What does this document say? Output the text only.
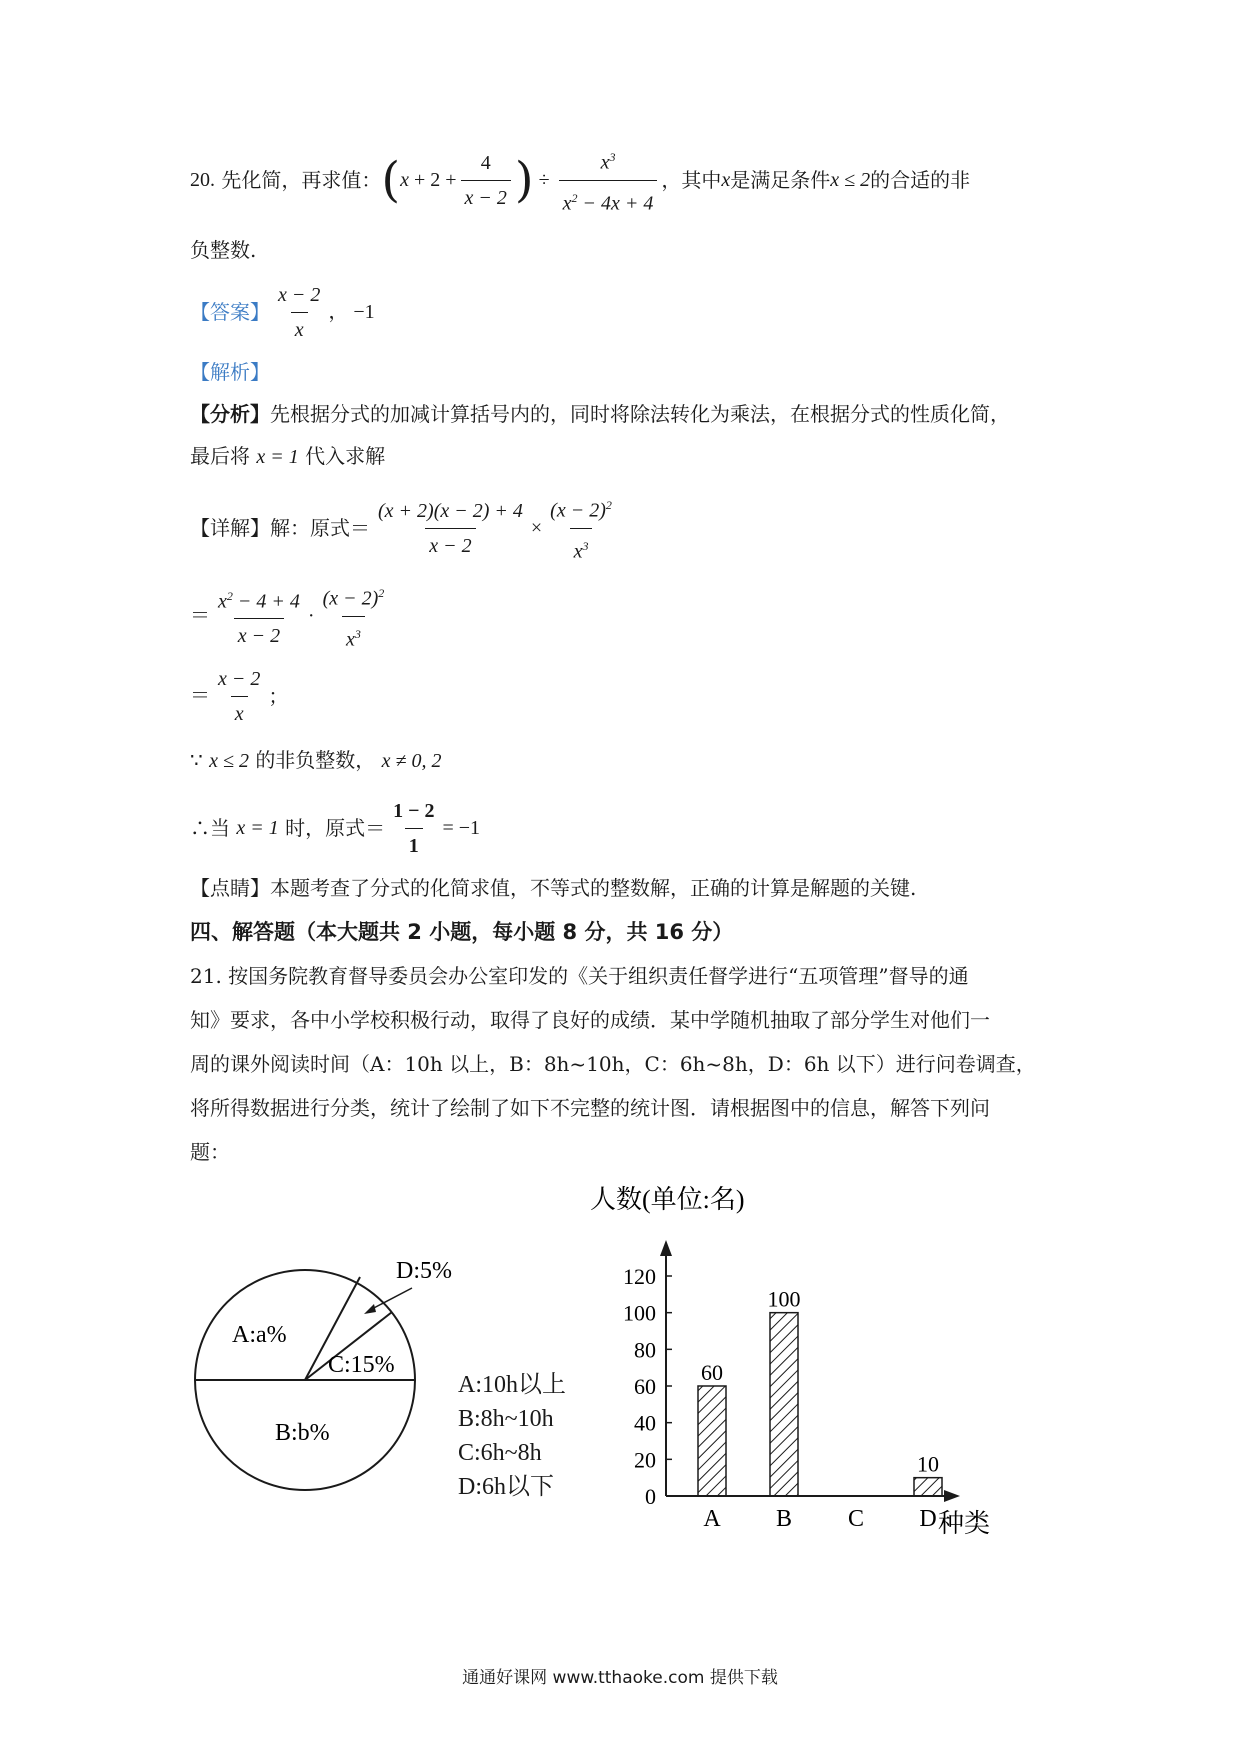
20.
先化简，再求值： ( $x + 2 + \frac{4}{x - 2}$ ) ÷ $\frac{x^3}{x^2 - 4x + 4}$ ，其中 x 是满足条件 x ≤ 2 的合适的非
负整数.
【答案】 $\frac{x - 2}{x}$ ， −1
【解析】
【分析】先根据分式的加减计算括号内的，同时将除法转化为乘法，在根据分式的性质化简，
最后将 x = 1 代入求解
【详解】 解：原式＝ $\frac{(x + 2)(x - 2) + 4}{x - 2} \times \frac{(x - 2)^2}{x^3}$
＝ $\frac{x^2 - 4 + 4}{x - 2} \cdot \frac{(x - 2)^2}{x^3}$
＝ $\frac{x - 2}{x}$ ；
∵ x ≤ 2 的非负整数， x ≠ 0, 2
∴当
x = 1
时，原式＝ $\frac{1 - 2}{1} = -1$
【点睛】本题考查了分式的化简求值，不等式的整数解，正确的计算是解题的关键.
四、解答题（本大题共 2 小题，每小题 8 分，共 16 分）
21. 按国务院教育督导委员会办公室印发的《关于组织责任督学进行“五项管理”督导的通
知》要求，各中小学校积极行动，取得了良好的成绩．某中学随机抽取了部分学生对他们一
周的课外阅读时间（A：10h 以上，B：8h~10h，C：6h~8h，D：6h 以下）进行问卷调查，
将所得数据进行分类，统计了绘制了如下不完整的统计图．请根据图中的信息，解答下列问
题：
A:a%
B:b%
C:15%
D:5%
A:10h以上
B:8h~10h
C:6h~8h
D:6h以下
人数(单位:名)
种类
0
20
40
60
80
100
120
60
A
100
B C
10
D
通通好课网 www.tthaoke.com 提供下载
